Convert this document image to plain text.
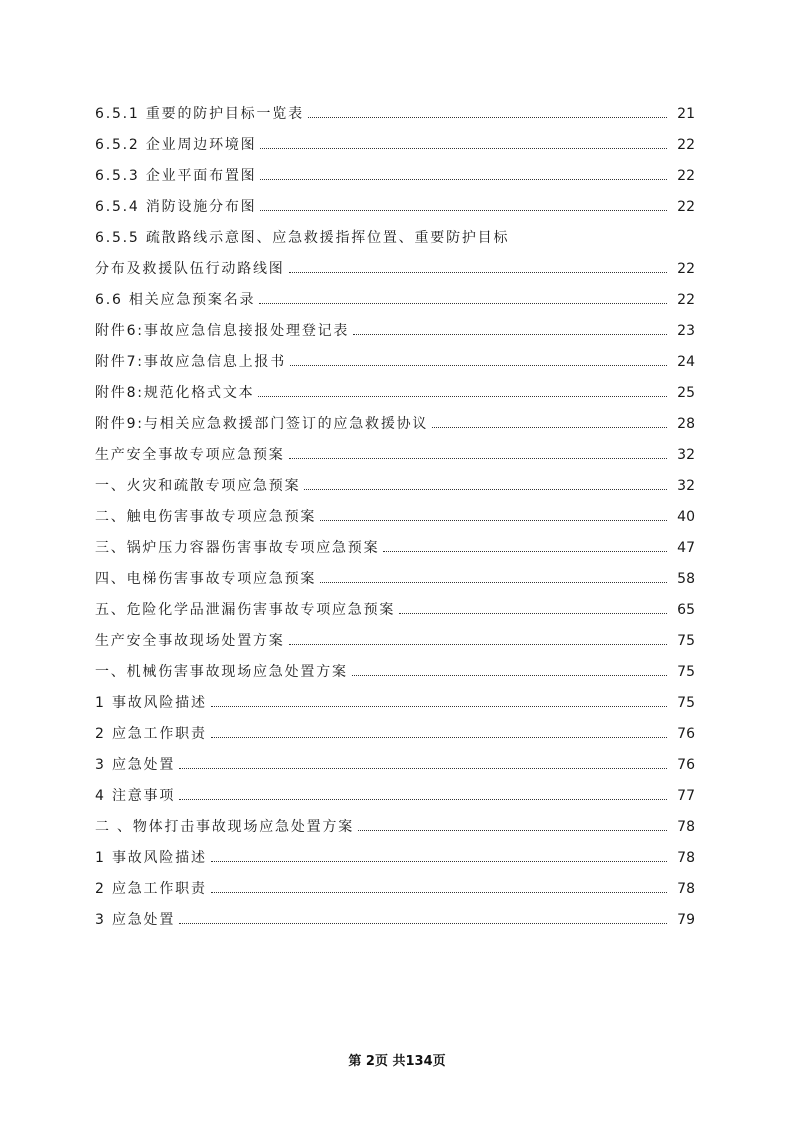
6.5.1 重要的防护目标一览表	21
6.5.2 企业周边环境图	22
6.5.3 企业平面布置图	22
6.5.4 消防设施分布图	22
6.5.5 疏散路线示意图、应急救援指挥位置、重要防护目标
分布及救援队伍行动路线图	22
6.6 相关应急预案名录	22
附件6:事故应急信息接报处理登记表	23
附件7:事故应急信息上报书	24
附件8:规范化格式文本	25
附件9:与相关应急救援部门签订的应急救援协议	28
生产安全事故专项应急预案	32
一、火灾和疏散专项应急预案	32
二、触电伤害事故专项应急预案	40
三、锅炉压力容器伤害事故专项应急预案	47
四、电梯伤害事故专项应急预案	58
五、危险化学品泄漏伤害事故专项应急预案	65
生产安全事故现场处置方案	75
一、机械伤害事故现场应急处置方案	75
1 事故风险描述	75
2 应急工作职责	76
3 应急处置	76
4 注意事项	77
二 、物体打击事故现场应急处置方案	78
1 事故风险描述	78
2 应急工作职责	78
3 应急处置	79
第 2页 共134页
